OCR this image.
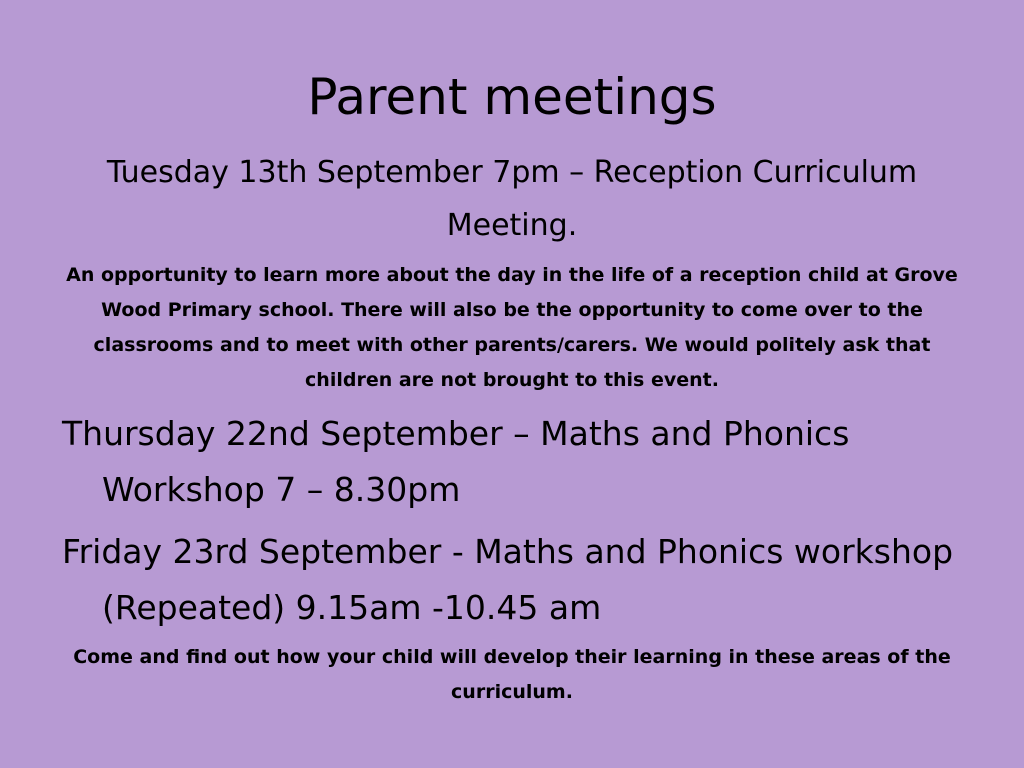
Parent meetings

Tuesday 13th September 7pm – Reception Curriculum Meeting.

An opportunity to learn more about the day in the life of a reception child at Grove Wood Primary school. There will also be the opportunity to come over to the classrooms and to meet with other parents/carers. We would politely ask that children are not brought to this event.

Thursday 22nd September – Maths and Phonics Workshop 7 – 8.30pm

Friday 23rd September - Maths and Phonics workshop (Repeated) 9.15am -10.45 am

Come and find out how your child will develop their learning in these areas of the curriculum.
